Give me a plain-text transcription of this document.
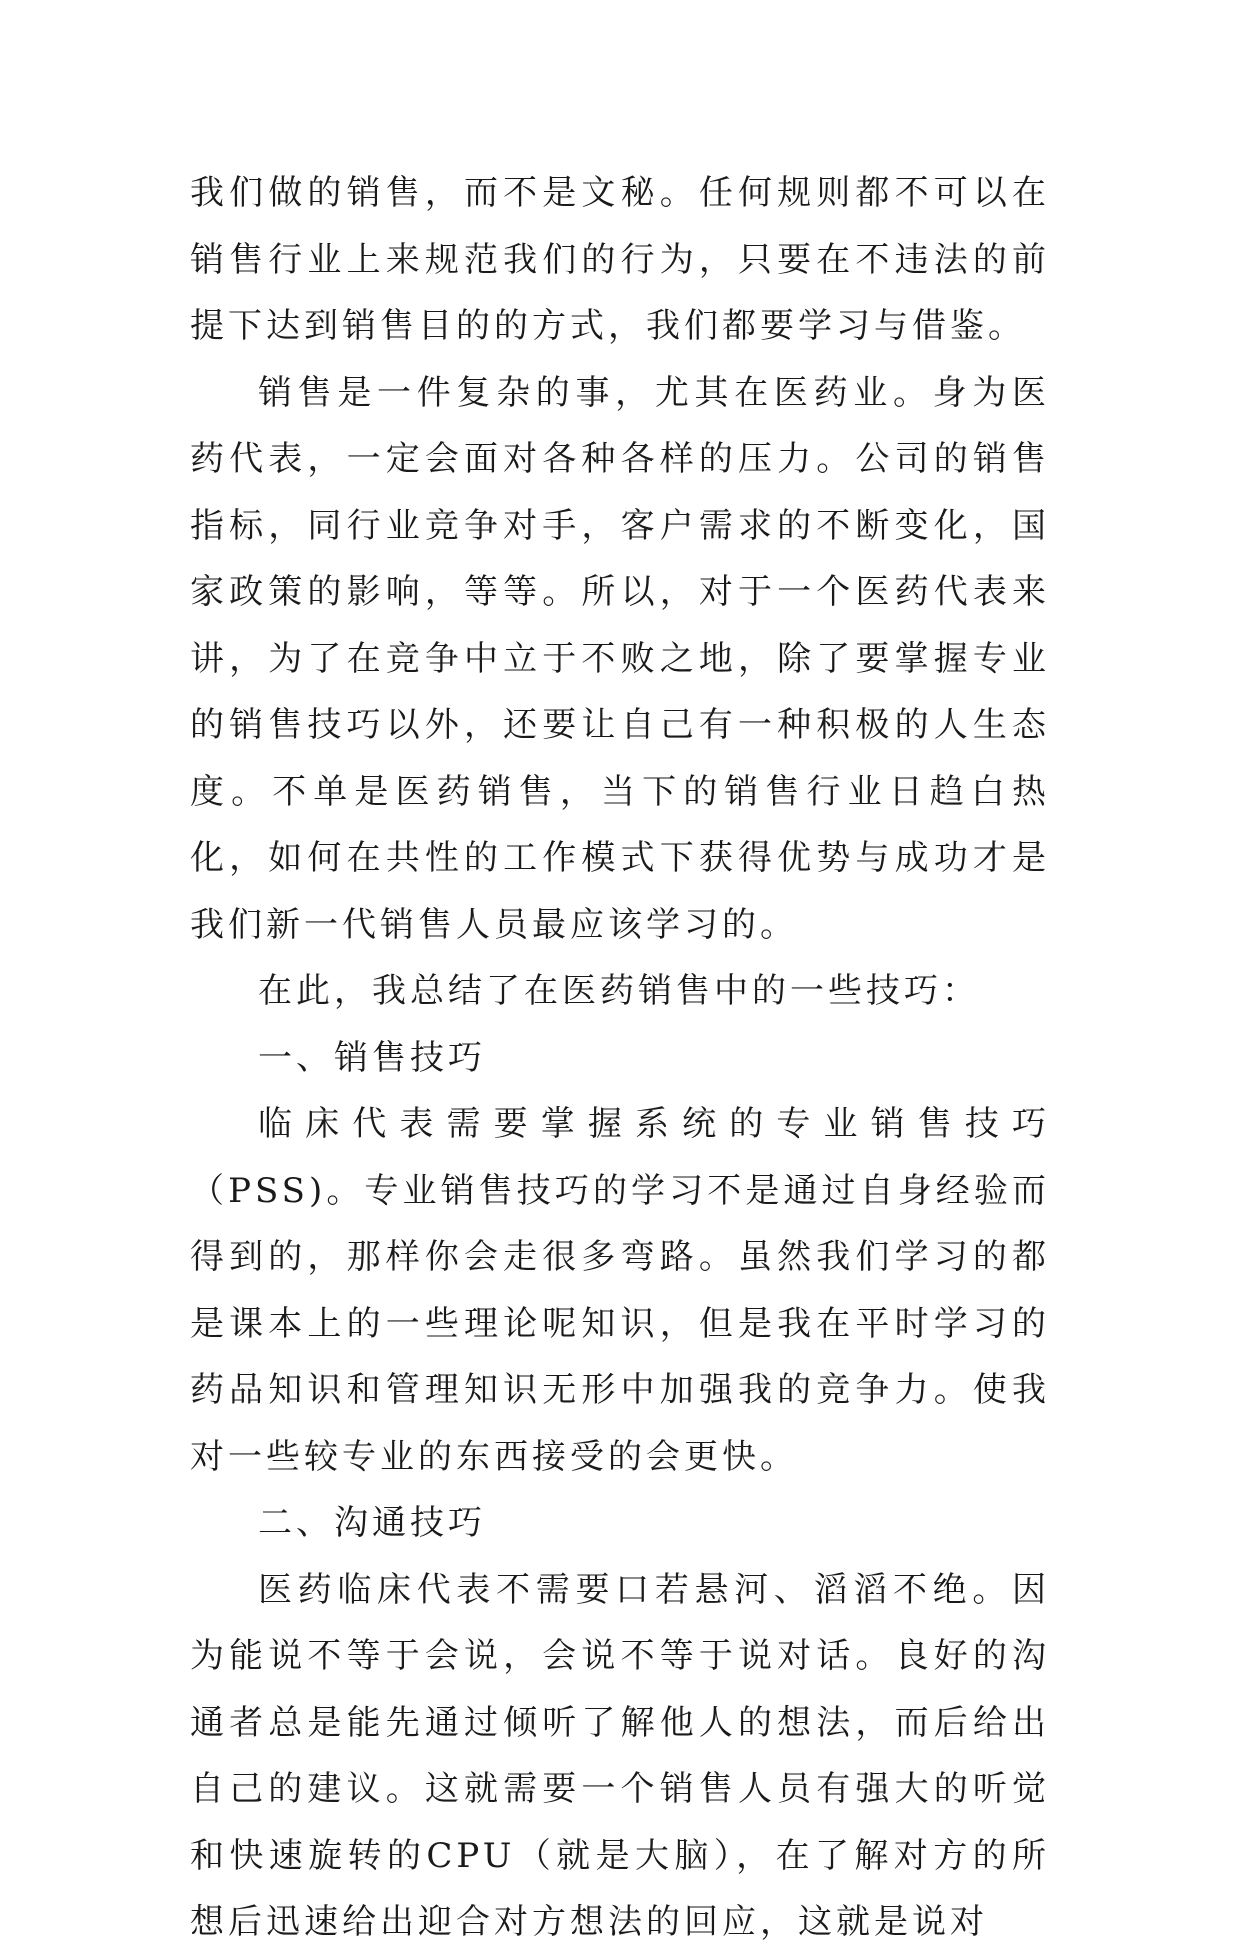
我们做的销售，而不是文秘。任何规则都不可以在销售行业上来规范我们的行为，只要在不违法的前提下达到销售目的的方式，我们都要学习与借鉴。

销售是一件复杂的事，尤其在医药业。身为医药代表，一定会面对各种各样的压力。公司的销售指标，同行业竞争对手，客户需求的不断变化，国家政策的影响，等等。所以，对于一个医药代表来讲，为了在竞争中立于不败之地，除了要掌握专业的销售技巧以外，还要让自己有一种积极的人生态度。不单是医药销售，当下的销售行业日趋白热化，如何在共性的工作模式下获得优势与成功才是我们新一代销售人员最应该学习的。

在此，我总结了在医药销售中的一些技巧：

一、销售技巧

临床代表需要掌握系统的专业销售技巧（PSS)。专业销售技巧的学习不是通过自身经验而得到的，那样你会走很多弯路。虽然我们学习的都是课本上的一些理论呢知识，但是我在平时学习的药品知识和管理知识无形中加强我的竞争力。使我对一些较专业的东西接受的会更快。

二、沟通技巧

医药临床代表不需要口若悬河、滔滔不绝。因为能说不等于会说，会说不等于说对话。良好的沟通者总是能先通过倾听了解他人的想法，而后给出自己的建议。这就需要一个销售人员有强大的听觉和快速旋转的CPU（就是大脑），在了解对方的所想后迅速给出迎合对方想法的回应，这就是说对
